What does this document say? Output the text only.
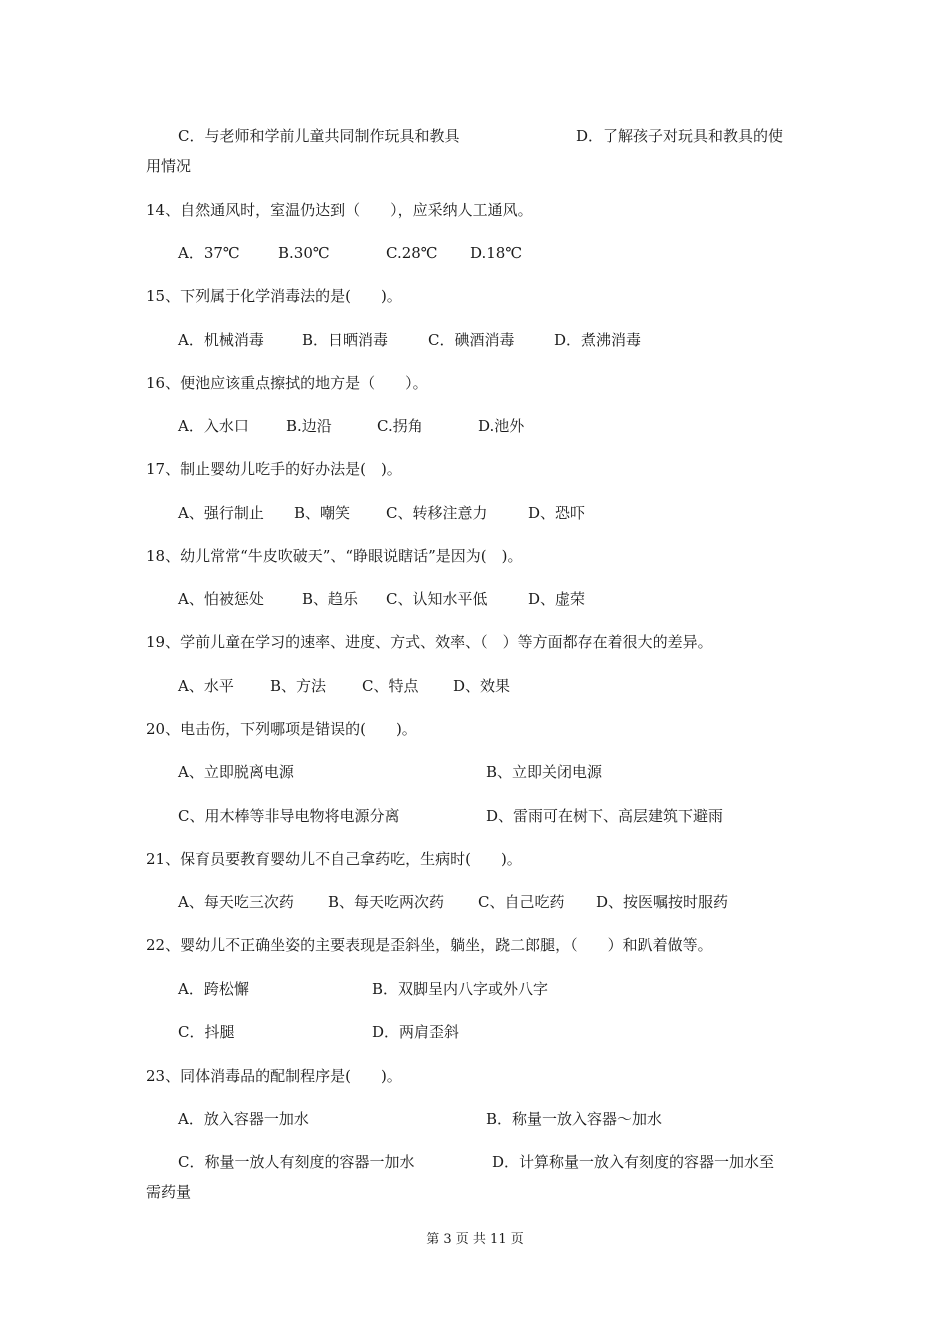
C．与老师和学前儿童共同制作玩具和教具	D．了解孩子对玩具和教具的使
用情况
14、自然通风时，室温仍达到（　　），应采纳人工通风。
A．37℃	B.30℃	C.28℃ D.18℃
15、下列属于化学消毒法的是(　　)。
A．机械消毒	B．日晒消毒	C．碘酒消毒	D．煮沸消毒
16、便池应该重点擦拭的地方是（　　）。
A．入水口 B.边沿	C.拐角	D.池外
17、制止婴幼儿吃手的好办法是(　)。
A、强行制止 B、嘲笑 C、转移注意力	D、恐吓
18、幼儿常常“牛皮吹破天”、“睁眼说瞎话”是因为(　)。
A、怕被惩处	B、趋乐 C、认知水平低	D、虚荣
19、学前儿童在学习的速率、进度、方式、效率、（　）等方面都存在着很大的差异。
A、水平 B、方法 C、特点 D、效果
20、电击伤，下列哪项是错误的(　　)。
A、立即脱离电源	B、立即关闭电源
C、用木棒等非导电物将电源分离	D、雷雨可在树下、高层建筑下避雨
21、保育员要教育婴幼儿不自己拿药吃，生病时(　　)。
A、每天吃三次药 B、每天吃两次药 C、自己吃药 D、按医嘱按时服药
22、婴幼儿不正确坐姿的主要表现是歪斜坐，躺坐，跷二郎腿，（　　）和趴着做等。
A．跨松懈	B．双脚呈内八字或外八字
C．抖腿	D．两肩歪斜
23、同体消毒品的配制程序是(　　)。
A．放入容器一加水	B．称量一放入容器～加水
C．称量一放人有刻度的容器一加水	D．计算称量一放入有刻度的容器一加水至
需药量
第 3 页 共 11 页
